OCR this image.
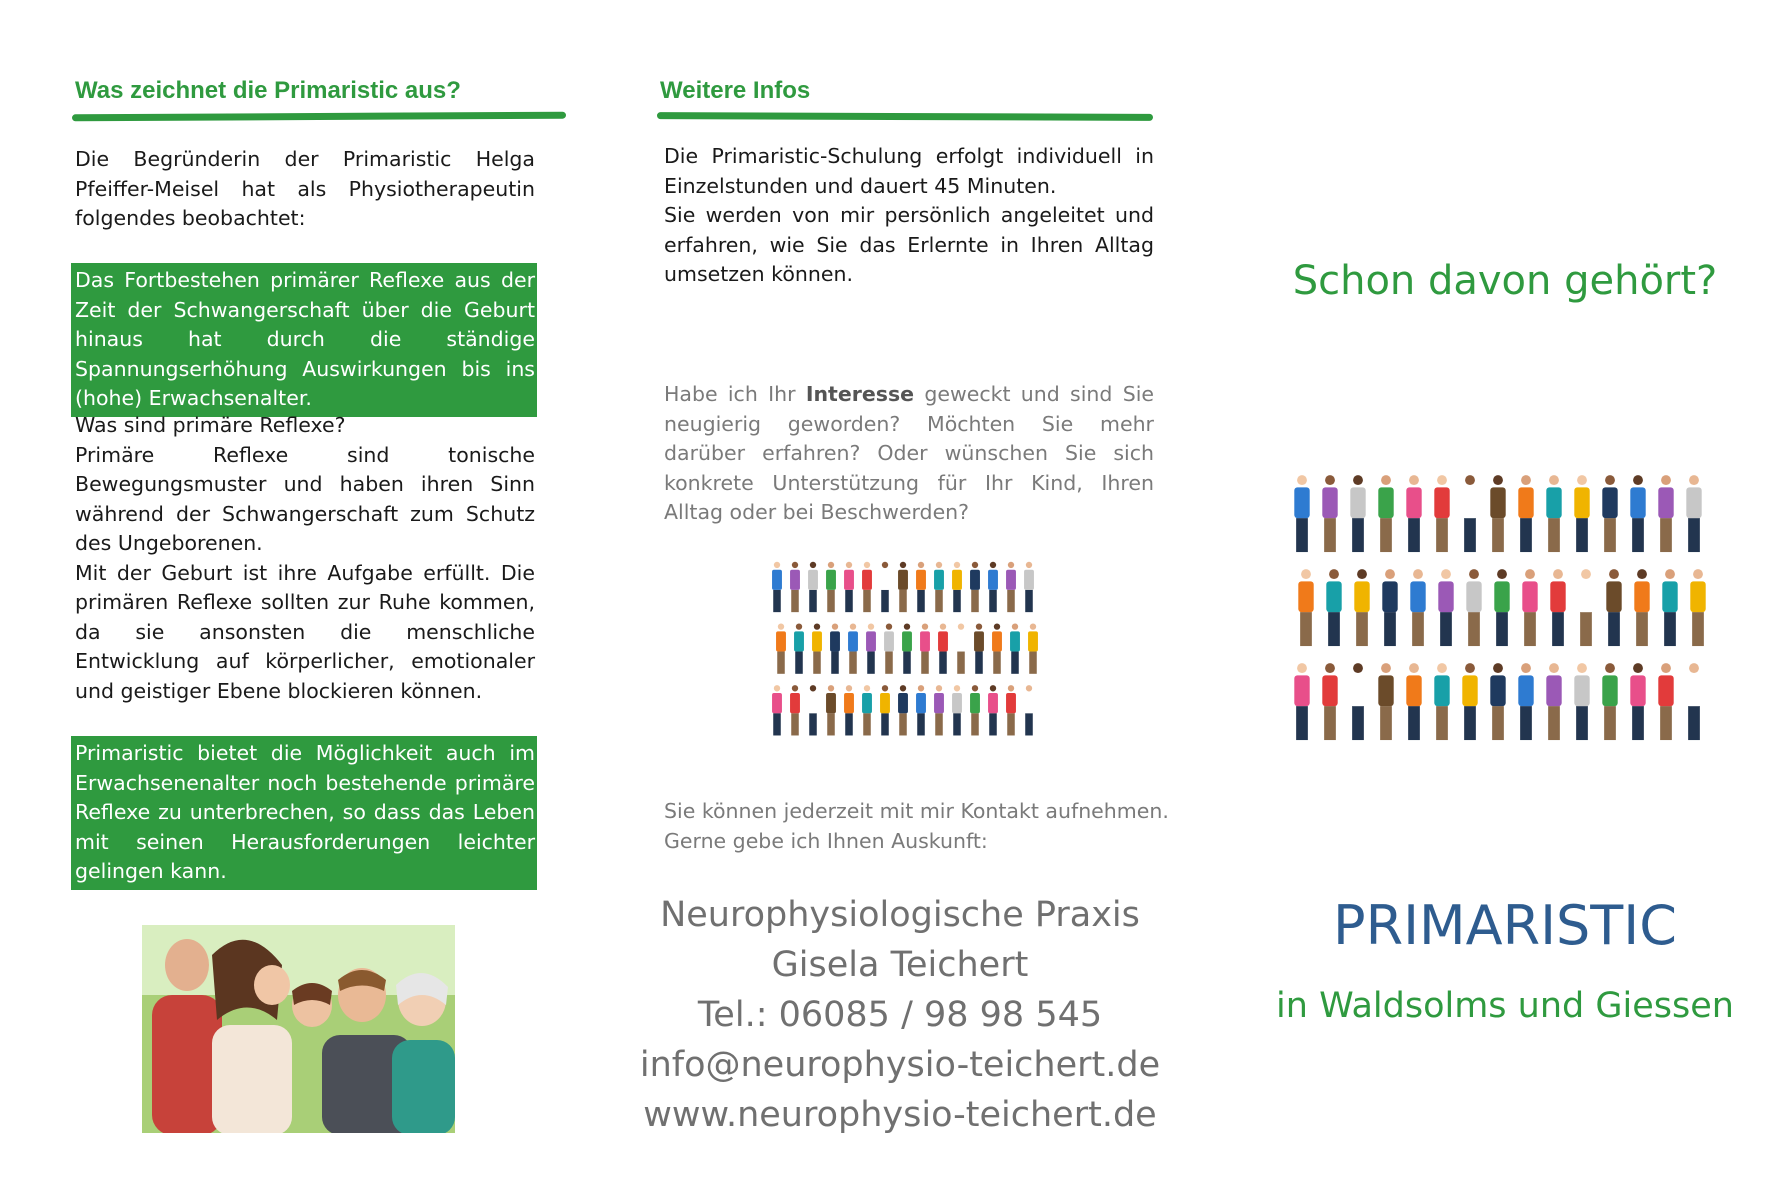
Was zeichnet die Primaristic aus?

Die Begründerin der Primaristic Helga Pfeiffer-Meisel hat als Physiotherapeutin folgendes beobachtet:

Das Fortbestehen primärer Reflexe aus der Zeit der Schwangerschaft über die Geburt hinaus hat durch die ständige Spannungserhöhung Auswirkungen bis ins (hohe) Erwachsenalter.

Was sind primäre Reflexe?

Primäre Reflexe sind tonische Bewegungsmuster und haben ihren Sinn während der Schwangerschaft zum Schutz des Ungeborenen.

Mit der Geburt ist ihre Aufgabe erfüllt. Die primären Reflexe sollten zur Ruhe kommen, da sie ansonsten die menschliche Entwicklung auf körperlicher, emotionaler und geistiger Ebene blockieren können.

Primaristic bietet die Möglichkeit auch im Erwachsenenalter noch bestehende primäre Reflexe zu unterbrechen, so dass das Leben mit seinen Herausforderungen leichter gelingen kann.

Weitere Infos

Die Primaristic-Schulung erfolgt individuell in Einzelstunden und dauert 45 Minuten.

Sie werden von mir persönlich angeleitet und erfahren, wie Sie das Erlernte in Ihren Alltag umsetzen können.

Habe ich Ihr Interesse geweckt und sind Sie neugierig geworden? Möchten Sie mehr darüber erfahren? Oder wünschen Sie sich konkrete Unterstützung für Ihr Kind, Ihren Alltag oder bei Beschwerden?

Sie können jederzeit mit mir Kontakt aufnehmen.

Gerne gebe ich Ihnen Auskunft:

Neurophysiologische Praxis
Gisela Teichert
Tel.: 06085 / 98 98 545
info@neurophysio-teichert.de
www.neurophysio-teichert.de
Schon davon gehört?
PRIMARISTIC
in Waldsolms und Giessen
